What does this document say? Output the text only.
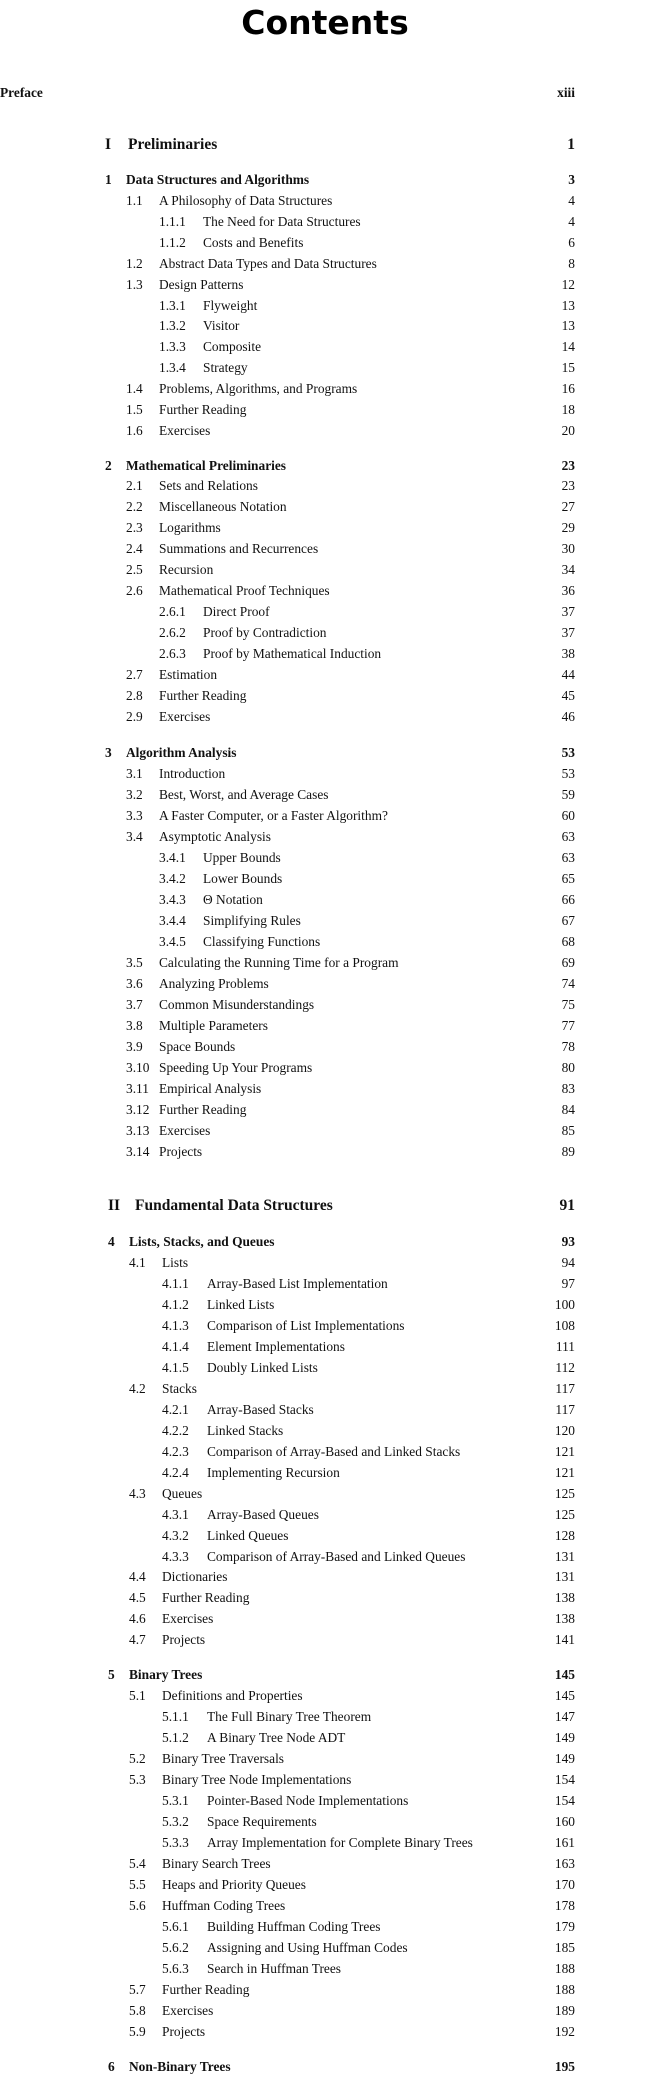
Contents
Preface	xiii
I Preliminaries	1
1 Data Structures and Algorithms	3
1.1 A Philosophy of Data Structures	4
1.1.1 The Need for Data Structures	4
1.1.2 Costs and Benefits	6
1.2 Abstract Data Types and Data Structures	8
1.3 Design Patterns	12
1.3.1 Flyweight	13
1.3.2 Visitor	13
1.3.3 Composite	14
1.3.4 Strategy	15
1.4 Problems, Algorithms, and Programs	16
1.5 Further Reading	18
1.6 Exercises	20
2 Mathematical Preliminaries	23
2.1 Sets and Relations	23
2.2 Miscellaneous Notation	27
2.3 Logarithms	29
2.4 Summations and Recurrences	30
2.5 Recursion	34
2.6 Mathematical Proof Techniques	36
2.6.1 Direct Proof	37
2.6.2 Proof by Contradiction	37
2.6.3 Proof by Mathematical Induction	38
2.7 Estimation	44
2.8 Further Reading	45
2.9 Exercises	46
3 Algorithm Analysis	53
3.1 Introduction	53
3.2 Best, Worst, and Average Cases	59
3.3 A Faster Computer, or a Faster Algorithm?	60
3.4 Asymptotic Analysis	63
3.4.1 Upper Bounds	63
3.4.2 Lower Bounds	65
3.4.3 Θ Notation	66
3.4.4 Simplifying Rules	67
3.4.5 Classifying Functions	68
3.5 Calculating the Running Time for a Program	69
3.6 Analyzing Problems	74
3.7 Common Misunderstandings	75
3.8 Multiple Parameters	77
3.9 Space Bounds	78
3.10 Speeding Up Your Programs	80
3.11 Empirical Analysis	83
3.12 Further Reading	84
3.13 Exercises	85
3.14 Projects	89
II Fundamental Data Structures	91
4 Lists, Stacks, and Queues	93
4.1 Lists	94
4.1.1 Array-Based List Implementation	97
4.1.2 Linked Lists	100
4.1.3 Comparison of List Implementations	108
4.1.4 Element Implementations	111
4.1.5 Doubly Linked Lists	112
4.2 Stacks	117
4.2.1 Array-Based Stacks	117
4.2.2 Linked Stacks	120
4.2.3 Comparison of Array-Based and Linked Stacks	121
4.2.4 Implementing Recursion	121
4.3 Queues	125
4.3.1 Array-Based Queues	125
4.3.2 Linked Queues	128
4.3.3 Comparison of Array-Based and Linked Queues	131
4.4 Dictionaries	131
4.5 Further Reading	138
4.6 Exercises	138
4.7 Projects	141
5 Binary Trees	145
5.1 Definitions and Properties	145
5.1.1 The Full Binary Tree Theorem	147
5.1.2 A Binary Tree Node ADT	149
5.2 Binary Tree Traversals	149
5.3 Binary Tree Node Implementations	154
5.3.1 Pointer-Based Node Implementations	154
5.3.2 Space Requirements	160
5.3.3 Array Implementation for Complete Binary Trees	161
5.4 Binary Search Trees	163
5.5 Heaps and Priority Queues	170
5.6 Huffman Coding Trees	178
5.6.1 Building Huffman Coding Trees	179
5.6.2 Assigning and Using Huffman Codes	185
5.6.3 Search in Huffman Trees	188
5.7 Further Reading	188
5.8 Exercises	189
5.9 Projects	192
6 Non-Binary Trees	195
